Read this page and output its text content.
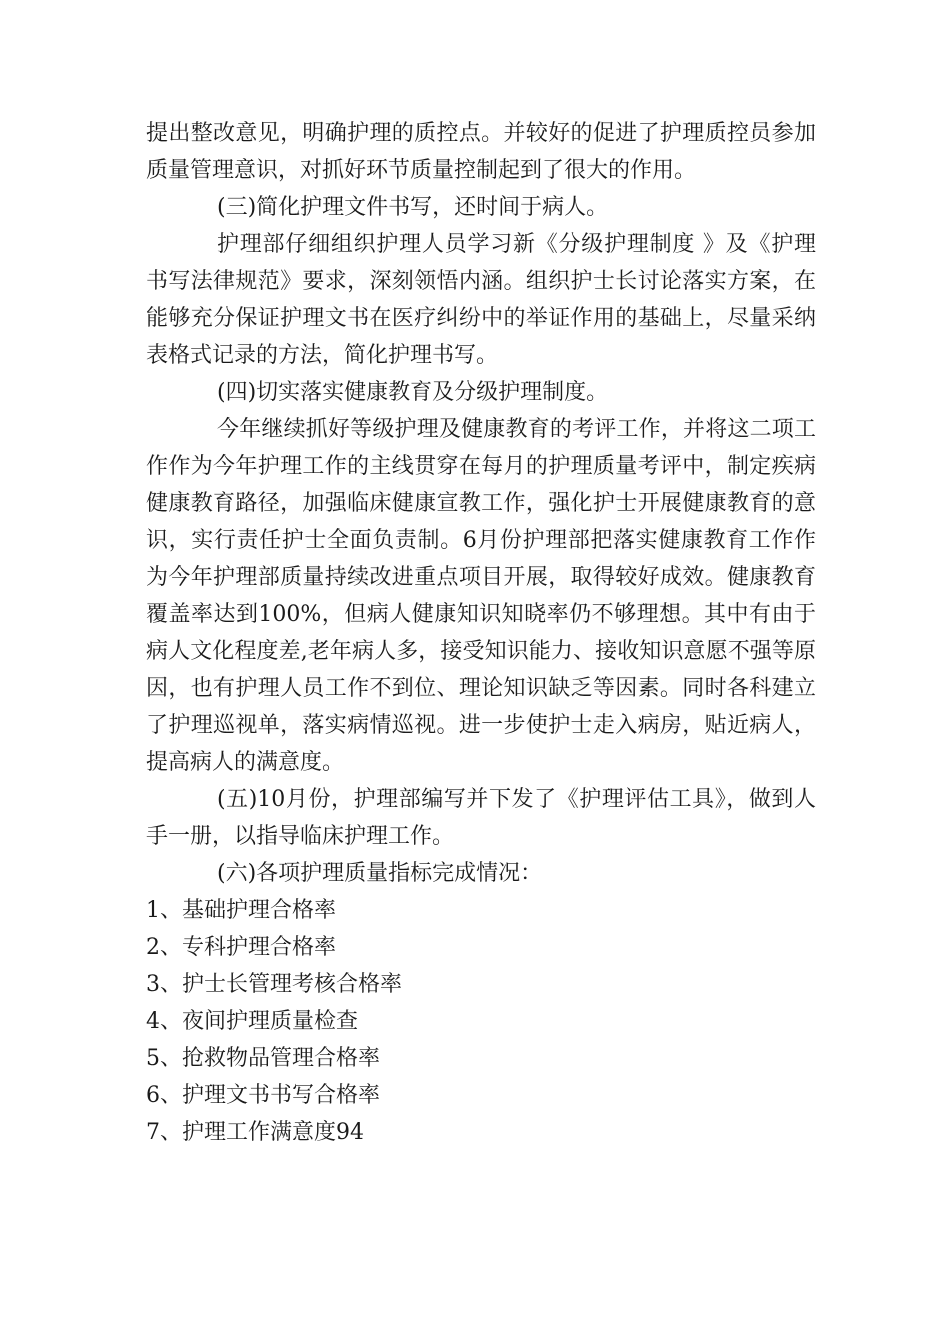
提出整改意见，明确护理的质控点。并较好的促进了护理质控员参加质量管理意识，对抓好环节质量控制起到了很大的作用。

(三)简化护理文件书写，还时间于病人。

护理部仔细组织护理人员学习新《分级护理制度 》及《护理书写法律规范》要求，深刻领悟内涵。组织护士长讨论落实方案，在能够充分保证护理文书在医疗纠纷中的举证作用的基础上，尽量采纳表格式记录的方法，简化护理书写。

(四)切实落实健康教育及分级护理制度。

今年继续抓好等级护理及健康教育的考评工作，并将这二项工作作为今年护理工作的主线贯穿在每月的护理质量考评中，制定疾病健康教育路径，加强临床健康宣教工作，强化护士开展健康教育的意识，实行责任护士全面负责制。6月份护理部把落实健康教育工作作为今年护理部质量持续改进重点项目开展，取得较好成效。健康教育覆盖率达到100%，但病人健康知识知晓率仍不够理想。其中有由于病人文化程度差,老年病人多，接受知识能力、接收知识意愿不强等原因，也有护理人员工作不到位、理论知识缺乏等因素。同时各科建立了护理巡视单，落实病情巡视。进一步使护士走入病房，贴近病人，提高病人的满意度。

(五)10月份，护理部编写并下发了《护理评估工具》，做到人手一册，以指导临床护理工作。

(六)各项护理质量指标完成情况：

1、基础护理合格率

2、专科护理合格率

3、护士长管理考核合格率

4、夜间护理质量检查

5、抢救物品管理合格率

6、护理文书书写合格率

7、护理工作满意度94
